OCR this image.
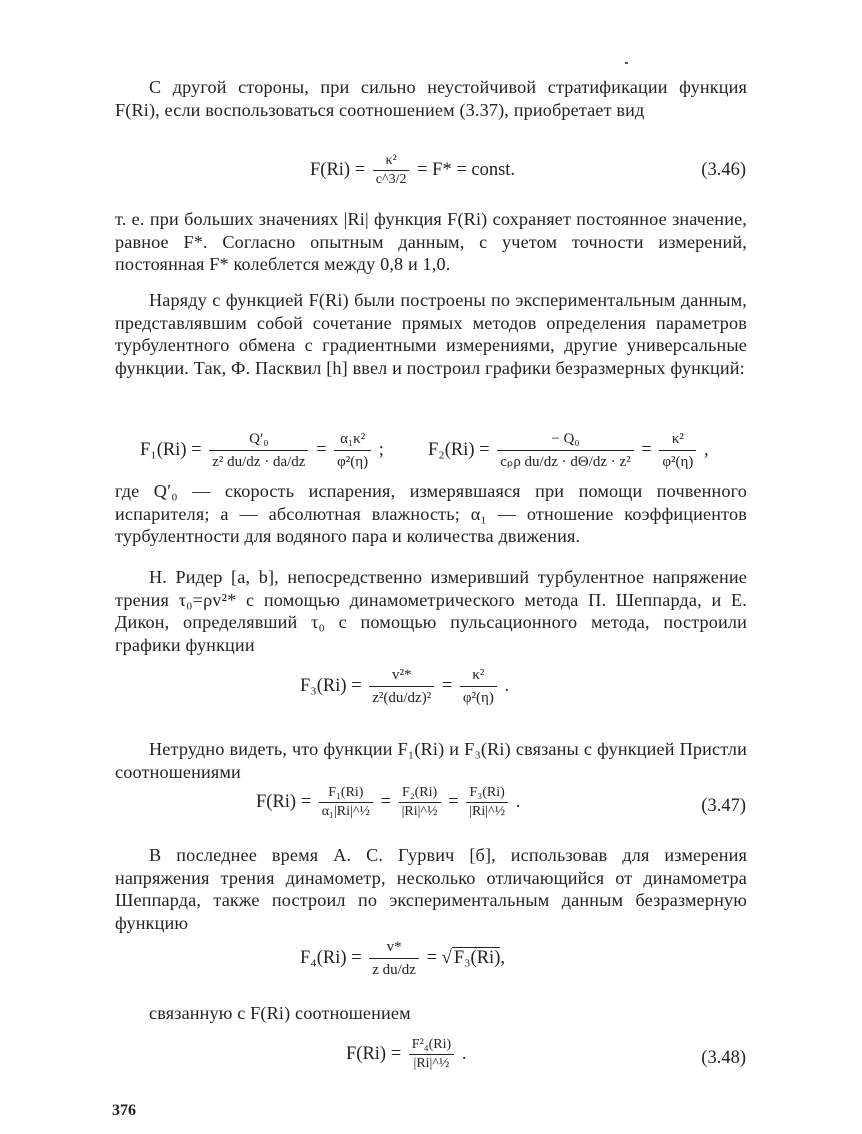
С другой стороны, при сильно неустойчивой стратификации функция F(Ri), если воспользоваться соотношением (3.37), приобретает вид

$F(Ri) = \frac{\text{κ²}}{c\^{}3/2} = F*$ = const.	(3.46)

т. е. при больших значениях |Ri| функция F(Ri) сохраняет постоянное значение, равное F*. Согласно опытным данным, с учетом точности измерений, постоянная F* колеблется между 0,8 и 1,0.

Наряду с функцией F(Ri) были построены по экспериментальным данным, представлявшим собой сочетание прямых методов определения параметров турбулентного обмена с градиентными измерениями, другие универсальные функции. Так, Ф. Пасквил [h] ввел и построил графики безразмерных функций:

$F_1(Ri) = \frac{\text{Q′₀}}{\text{z² du/dz · da/dz}} = \frac{\text{α₁κ²}}{\text{φ²(η)}}$ ; $F_2(Ri) = \frac{\text{− Q₀}}{\text{cₚρ du/dz · dΘ/dz · z²}} = \frac{\text{κ²}}{\text{φ²(η)}}$ ,

где Q′₀ — скорость испарения, измерявшаяся при помощи почвенного испарителя; a — абсолютная влажность; α₁ — отношение коэффициентов турбулентности для водяного пара и количества движения.

Н. Ридер [a, b], непосредственно измеривший турбулентное напряжение трения τ₀=ρv²* с помощью динамометрического метода П. Шеппарда, и Е. Дикон, определявший τ₀ с помощью пульсационного метода, построили графики функции

$F_3(Ri) = \frac{\text{v²*}}{\text{z²(du/dz)²}} = \frac{\text{κ²}}{\text{φ²(η)}}$ .

Нетрудно видеть, что функции F₁(Ri) и F₃(Ri) связаны с функцией Пристли соотношениями

$F(Ri) = \frac{\text{F₁(Ri)}}{\text{α₁|Ri|\textasciicircum{}½}} = \frac{\text{F₂(Ri)}}{\text{|Ri|\textasciicircum{}½}} = \frac{\text{F₃(Ri)}}{\text{|Ri|\textasciicircum{}½}}$ .	(3.47)

В последнее время А. С. Гурвич [б], использовав для измерения напряжения трения динамометр, несколько отличающийся от динамометра Шеппарда, также построил по экспериментальным данным безразмерную функцию

$F_4(Ri) = \frac{v*}{\text{z du/dz}}$ = √ F₃(Ri),

связанную с F(Ri) соотношением

$F(Ri) = \frac{\text{F²₄(Ri)}}{\text{|Ri|\textasciicircum{}½}}$ .	(3.48)
376
